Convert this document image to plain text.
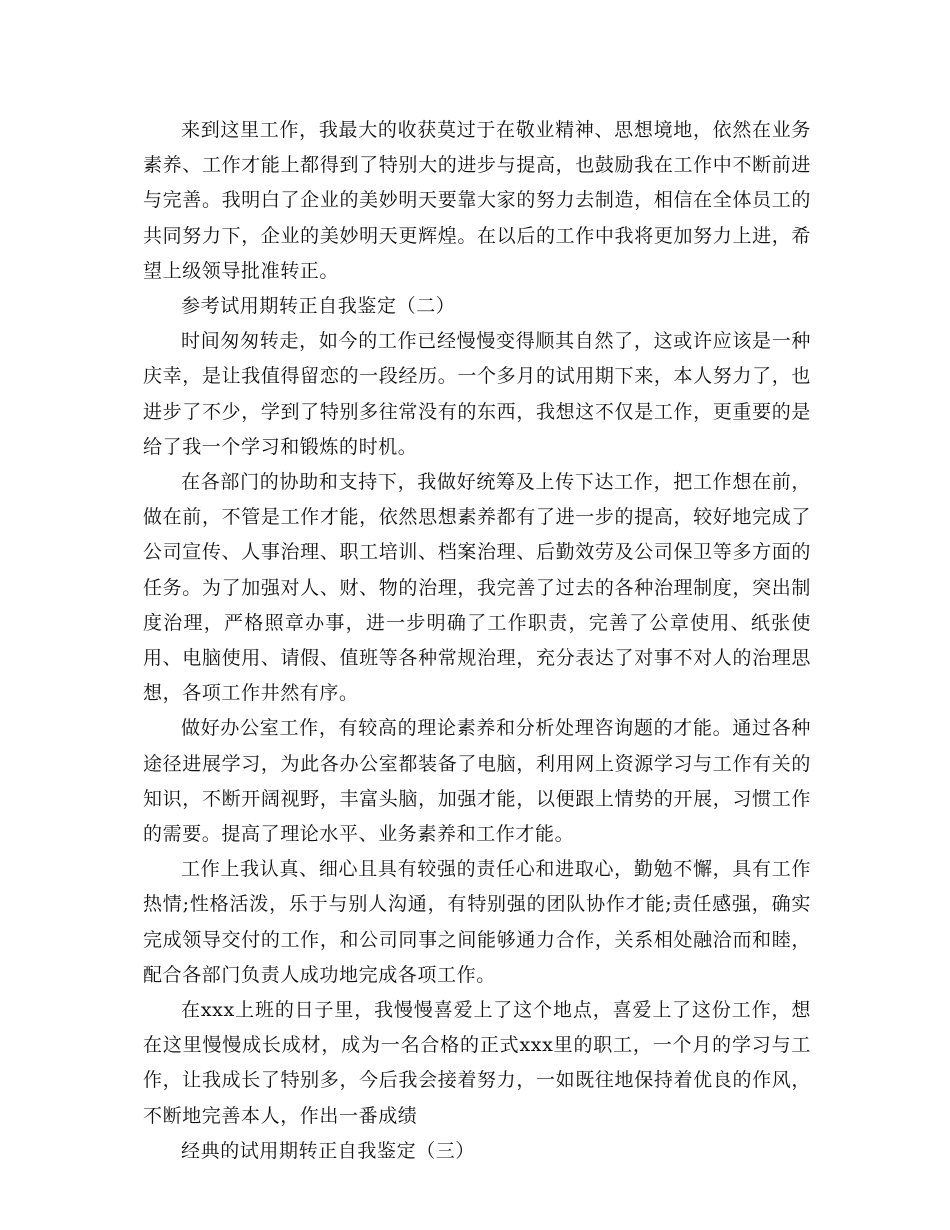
来到这里工作，我最大的收获莫过于在敬业精神、思想境地，依然在业务素养、工作才能上都得到了特别大的进步与提高，也鼓励我在工作中不断前进与完善。我明白了企业的美妙明天要靠大家的努力去制造，相信在全体员工的共同努力下，企业的美妙明天更辉煌。在以后的工作中我将更加努力上进，希望上级领导批准转正。

参考试用期转正自我鉴定（二）

时间匆匆转走，如今的工作已经慢慢变得顺其自然了，这或许应该是一种庆幸，是让我值得留恋的一段经历。一个多月的试用期下来，本人努力了，也进步了不少，学到了特别多往常没有的东西，我想这不仅是工作，更重要的是给了我一个学习和锻炼的时机。

在各部门的协助和支持下，我做好统筹及上传下达工作，把工作想在前，做在前，不管是工作才能，依然思想素养都有了进一步的提高，较好地完成了公司宣传、人事治理、职工培训、档案治理、后勤效劳及公司保卫等多方面的任务。为了加强对人、财、物的治理，我完善了过去的各种治理制度，突出制度治理，严格照章办事，进一步明确了工作职责，完善了公章使用、纸张使用、电脑使用、请假、值班等各种常规治理，充分表达了对事不对人的治理思想，各项工作井然有序。

做好办公室工作，有较高的理论素养和分析处理咨询题的才能。通过各种途径进展学习，为此各办公室都装备了电脑，利用网上资源学习与工作有关的知识，不断开阔视野，丰富头脑，加强才能，以便跟上情势的开展，习惯工作的需要。提高了理论水平、业务素养和工作才能。

工作上我认真、细心且具有较强的责任心和进取心，勤勉不懈，具有工作热情;性格活泼，乐于与别人沟通，有特别强的团队协作才能;责任感强，确实完成领导交付的工作，和公司同事之间能够通力合作，关系相处融洽而和睦，配合各部门负责人成功地完成各项工作。

在xxx上班的日子里，我慢慢喜爱上了这个地点，喜爱上了这份工作，想在这里慢慢成长成材，成为一名合格的正式xxx里的职工，一个月的学习与工作，让我成长了特别多，今后我会接着努力，一如既往地保持着优良的作风，不断地完善本人，作出一番成绩

经典的试用期转正自我鉴定（三）
